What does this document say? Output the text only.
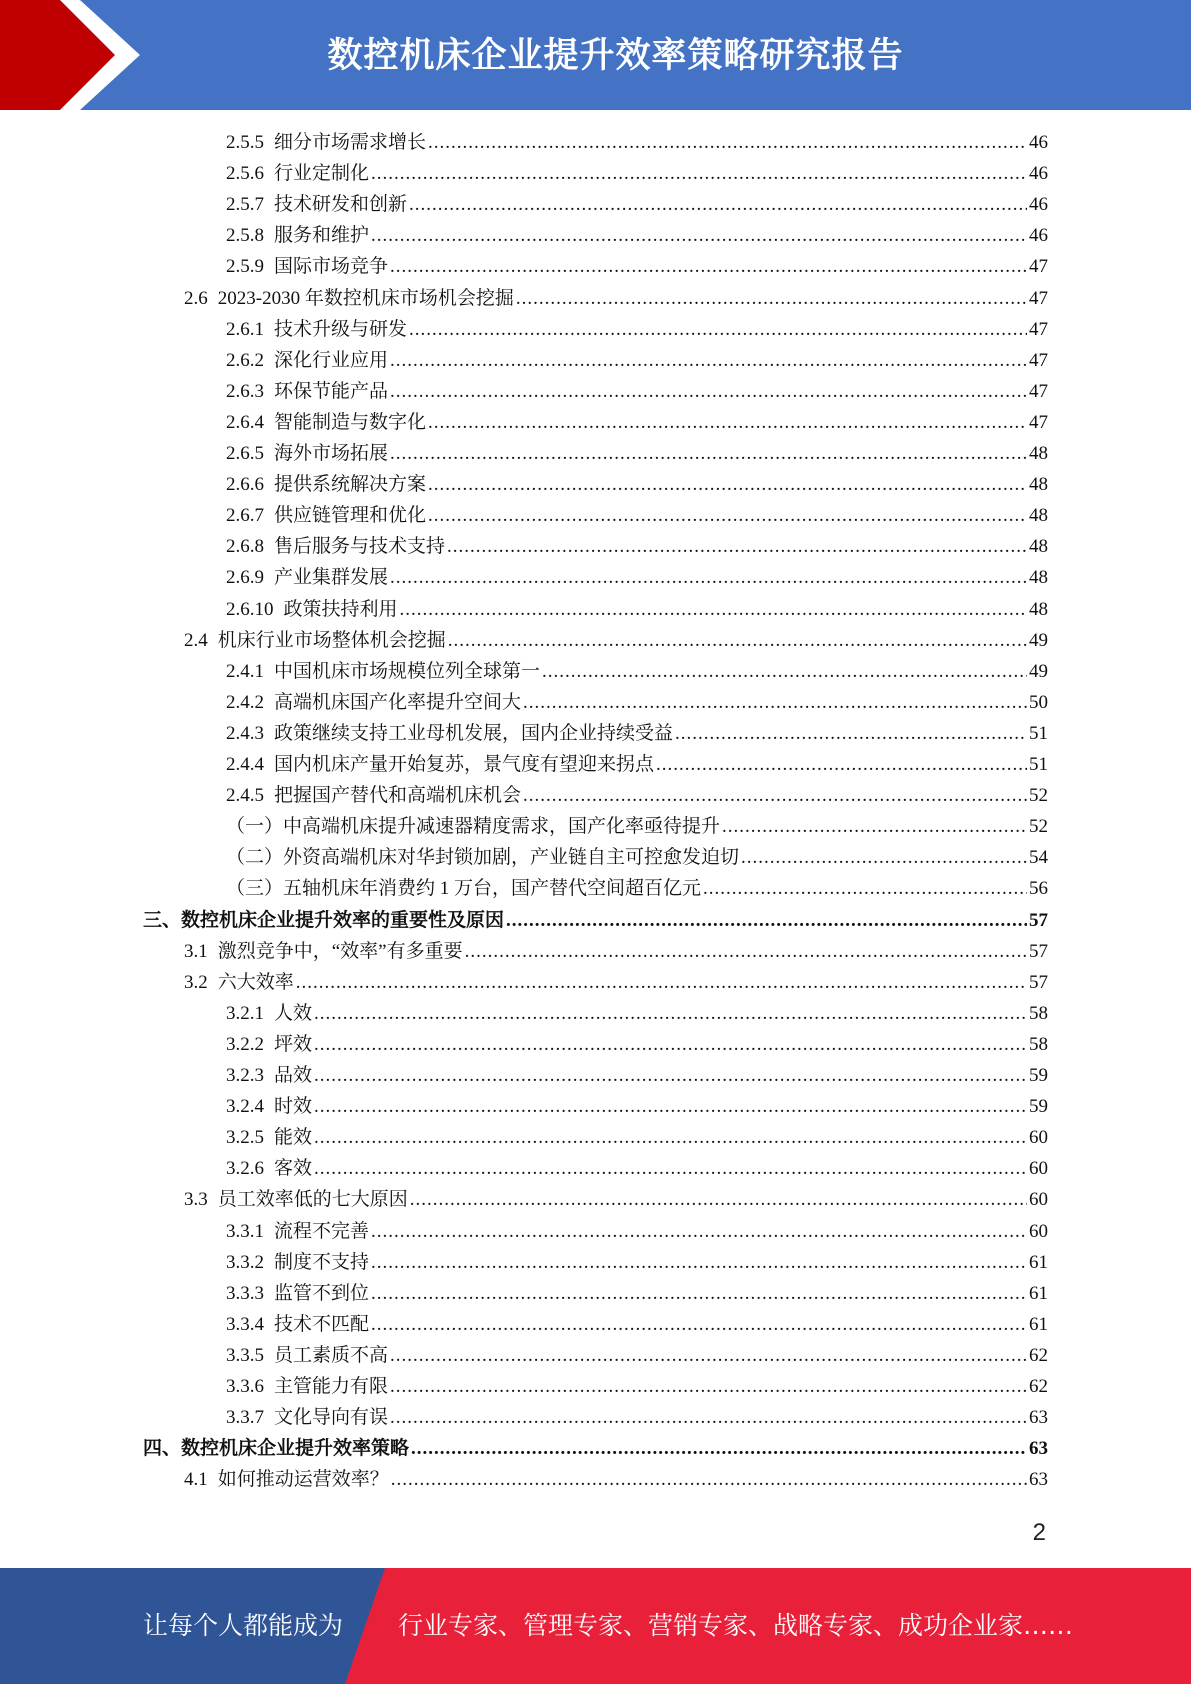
数控机床企业提升效率策略研究报告
2.5.5 细分市场需求增长 .....	46
2.5.6 行业定制化 .....	46
2.5.7 技术研发和创新 .....	46
2.5.8 服务和维护 .....	46
2.5.9 国际市场竞争 .....	47
2.6 2023-2030 年数控机床市场机会挖掘 .....	47
2.6.1 技术升级与研发 .....	47
2.6.2 深化行业应用 .....	47
2.6.3 环保节能产品 .....	47
2.6.4 智能制造与数字化 .....	47
2.6.5 海外市场拓展 .....	48
2.6.6 提供系统解决方案 .....	48
2.6.7 供应链管理和优化 .....	48
2.6.8 售后服务与技术支持 .....	48
2.6.9 产业集群发展 .....	48
2.6.10 政策扶持利用 .....	48
2.4 机床行业市场整体机会挖掘 .....	49
2.4.1 中国机床市场规模位列全球第一 .....	49
2.4.2 高端机床国产化率提升空间大 .....	50
2.4.3 政策继续支持工业母机发展，国内企业持续受益 .....	51
2.4.4 国内机床产量开始复苏，景气度有望迎来拐点 .....	51
2.4.5 把握国产替代和高端机床机会 .....	52
（一）中高端机床提升减速器精度需求，国产化率亟待提升 .....	52
（二）外资高端机床对华封锁加剧，产业链自主可控愈发迫切 .....	54
（三）五轴机床年消费约 1 万台，国产替代空间超百亿元 .....	56
三、数控机床企业提升效率的重要性及原因 .....	57
3.1 激烈竞争中，“效率”有多重要 .....	57
3.2 六大效率 .....	57
3.2.1 人效 .....	58
3.2.2 坪效 .....	58
3.2.3 品效 .....	59
3.2.4 时效 .....	59
3.2.5 能效 .....	60
3.2.6 客效 .....	60
3.3 员工效率低的七大原因 .....	60
3.3.1 流程不完善 .....	60
3.3.2 制度不支持 .....	61
3.3.3 监管不到位 .....	61
3.3.4 技术不匹配 .....	61
3.3.5 员工素质不高 .....	62
3.3.6 主管能力有限 .....	62
3.3.7 文化导向有误 .....	63
四、数控机床企业提升效率策略 .....	63
4.1 如何推动运营效率？ .....	63
2
让每个人都能成为 行业专家、管理专家、营销专家、战略专家、成功企业家……
